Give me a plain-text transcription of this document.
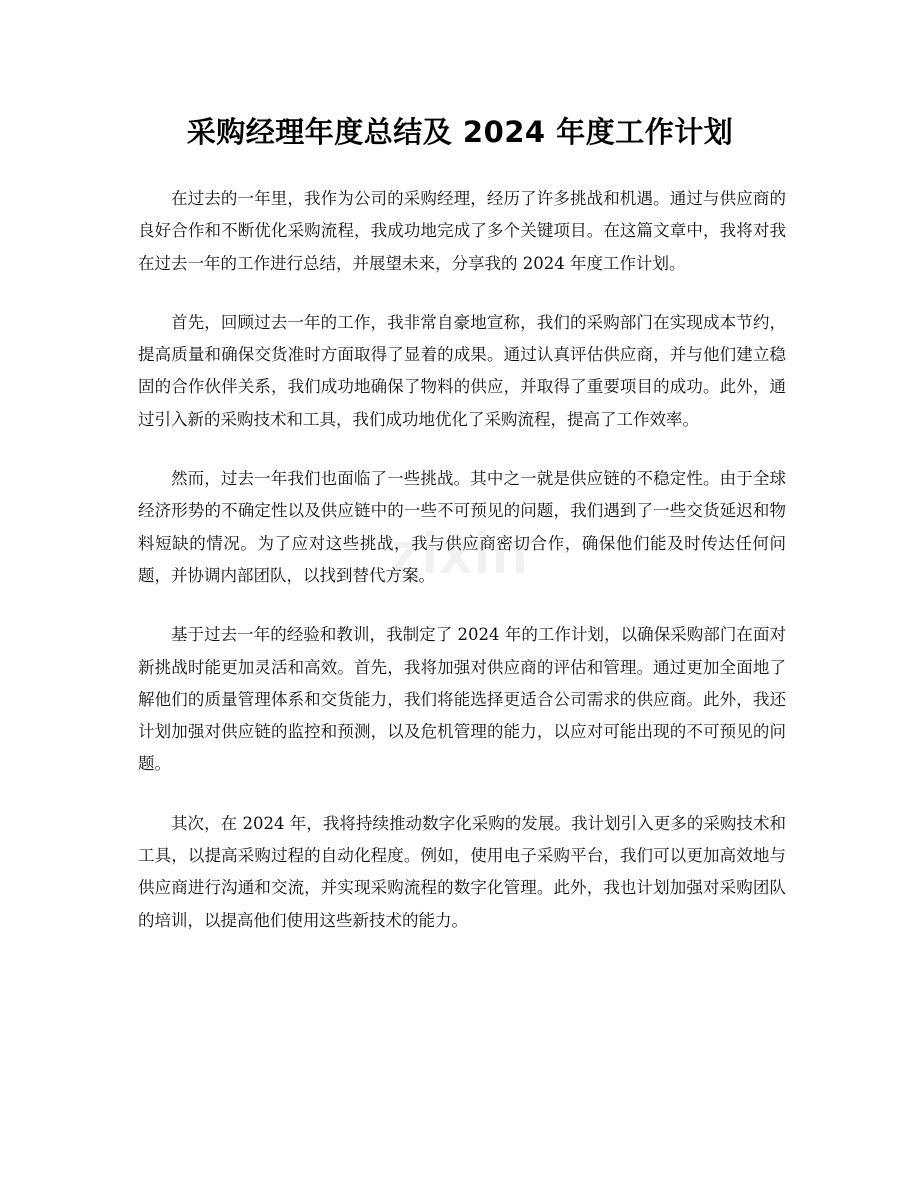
zixin
采购经理年度总结及 2024 年度工作计划

在过去的一年里，我作为公司的采购经理，经历了许多挑战和机遇。通过与供应商的良好合作和不断优化采购流程，我成功地完成了多个关键项目。在这篇文章中，我将对我在过去一年的工作进行总结，并展望未来，分享我的 2024 年度工作计划。

首先，回顾过去一年的工作，我非常自豪地宣称，我们的采购部门在实现成本节约，提高质量和确保交货准时方面取得了显着的成果。通过认真评估供应商，并与他们建立稳固的合作伙伴关系，我们成功地确保了物料的供应，并取得了重要项目的成功。此外，通过引入新的采购技术和工具，我们成功地优化了采购流程，提高了工作效率。

然而，过去一年我们也面临了一些挑战。其中之一就是供应链的不稳定性。由于全球经济形势的不确定性以及供应链中的一些不可预见的问题，我们遇到了一些交货延迟和物料短缺的情况。为了应对这些挑战，我与供应商密切合作，确保他们能及时传达任何问题，并协调内部团队，以找到替代方案。

基于过去一年的经验和教训，我制定了 2024 年的工作计划，以确保采购部门在面对新挑战时能更加灵活和高效。首先，我将加强对供应商的评估和管理。通过更加全面地了解他们的质量管理体系和交货能力，我们将能选择更适合公司需求的供应商。此外，我还计划加强对供应链的监控和预测，以及危机管理的能力，以应对可能出现的不可预见的问题。

其次，在 2024 年，我将持续推动数字化采购的发展。我计划引入更多的采购技术和工具，以提高采购过程的自动化程度。例如，使用电子采购平台，我们可以更加高效地与供应商进行沟通和交流，并实现采购流程的数字化管理。此外，我也计划加强对采购团队的培训，以提高他们使用这些新技术的能力。
